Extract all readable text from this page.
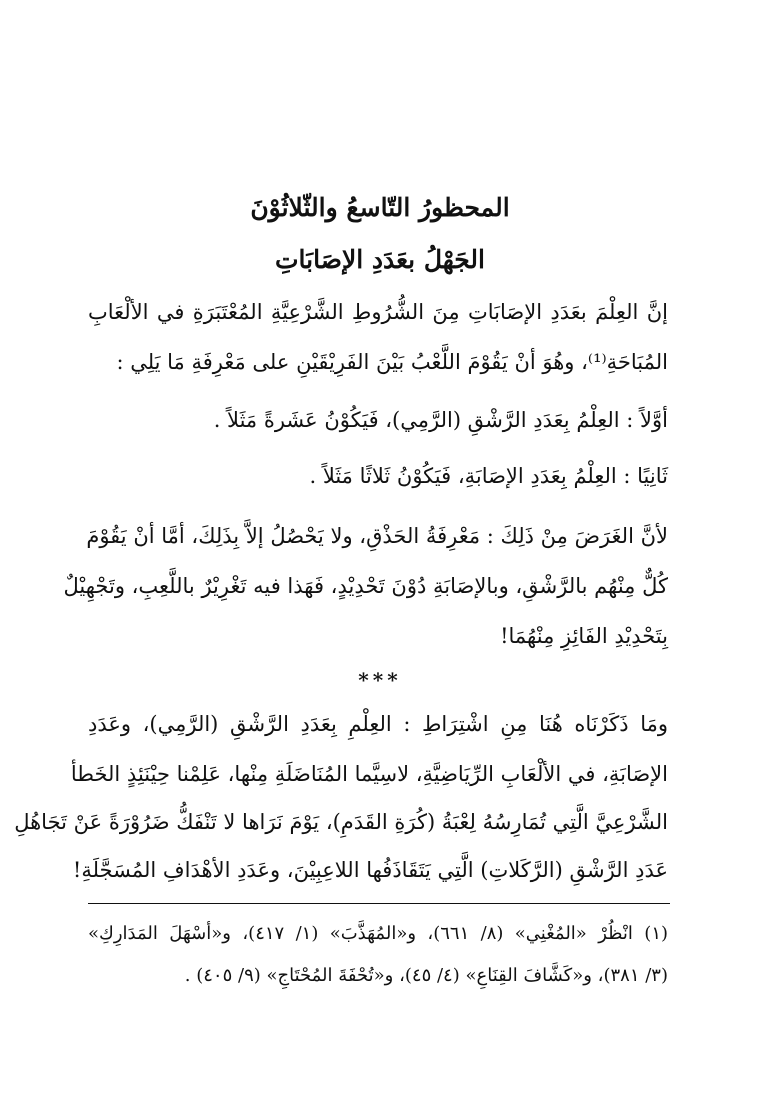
المحظورُ التّاسعُ والثّلاثُوْنَ
الجَهْلُ بعَدَدِ الإصَابَاتِ
إنَّ العِلْمَ بعَدَدِ الإصَابَاتِ مِنَ الشُّرُوطِ الشَّرْعِيَّةِ المُعْتَبَرَةِ في الألْعَابِ
المُبَاحَةِ⁽¹⁾، وهُوَ أنْ يَقُوْمَ اللَّعْبُ بَيْنَ الفَرِيْقَيْنِ على مَعْرِفَةِ مَا يَلِي :
أوَّلاً : العِلْمُ بِعَدَدِ الرَّشْقِ (الرَّمِي)، فَيَكُوْنُ عَشَرةً مَثَلاً .
ثَانِيًا : العِلْمُ بِعَدَدِ الإصَابَةِ، فَيَكُوْنُ ثَلاثًا مَثَلاً .
لأنَّ الغَرَضَ مِنْ ذَلِكَ : مَعْرِفَةُ الحَذْقِ، ولا يَحْصُلُ إلاَّ بِذَلِكَ، أمَّا أنْ يَقُوْمَ
كُلٌّ مِنْهُم بالرَّشْقِ، وبالإصَابَةِ دُوْنَ تَحْدِيْدٍ، فَهَذا فيه تَغْرِيْرٌ باللَّعِبِ، وتَجْهِيْلٌ
بِتَحْدِيْدِ الفَائِزِ مِنْهُمَا!
***
ومَا ذَكَرْنَاه هُنَا مِنِ اشْتِرَاطِ : العِلْمِ بِعَدَدِ الرَّشْقِ (الرَّمِي)، وعَدَدِ
الإصَابَةِ، في الألْعَابِ الرِّيَاضِيَّةِ، لاسِيَّما المُنَاضَلَةِ مِنْها، عَلِمْنا حِيْنَئِذٍ الخَطأ
الشَّرْعِيَّ الَّتِي تُمَارِسُهُ لِعْبَةُ (كُرَةِ القَدَمِ)، يَوْمَ نَرَاها لا تَنْفَكُّ ضَرُوْرَةً عَنْ تَجَاهُلِ
عَدَدِ الرَّشْقِ (الرَّكَلاتِ) الَّتِي يَتَقَاذَفُها اللاعِبِيْنَ، وعَدَدِ الأهْدَافِ المُسَجَّلَةِ!
(١) انْظُرْ «المُغْنِي» (٨/ ٦٦١)، و«المُهَذَّبَ» (١/ ٤١٧)، و«أسْهَلَ المَدَارِكِ»
(٣/ ٣٨١)، و«كَشَّافَ القِنَاعِ» (٤/ ٤٥)، و«تُحْفَةَ المُحْتَاجِ» (٩/ ٤٠٥) .
